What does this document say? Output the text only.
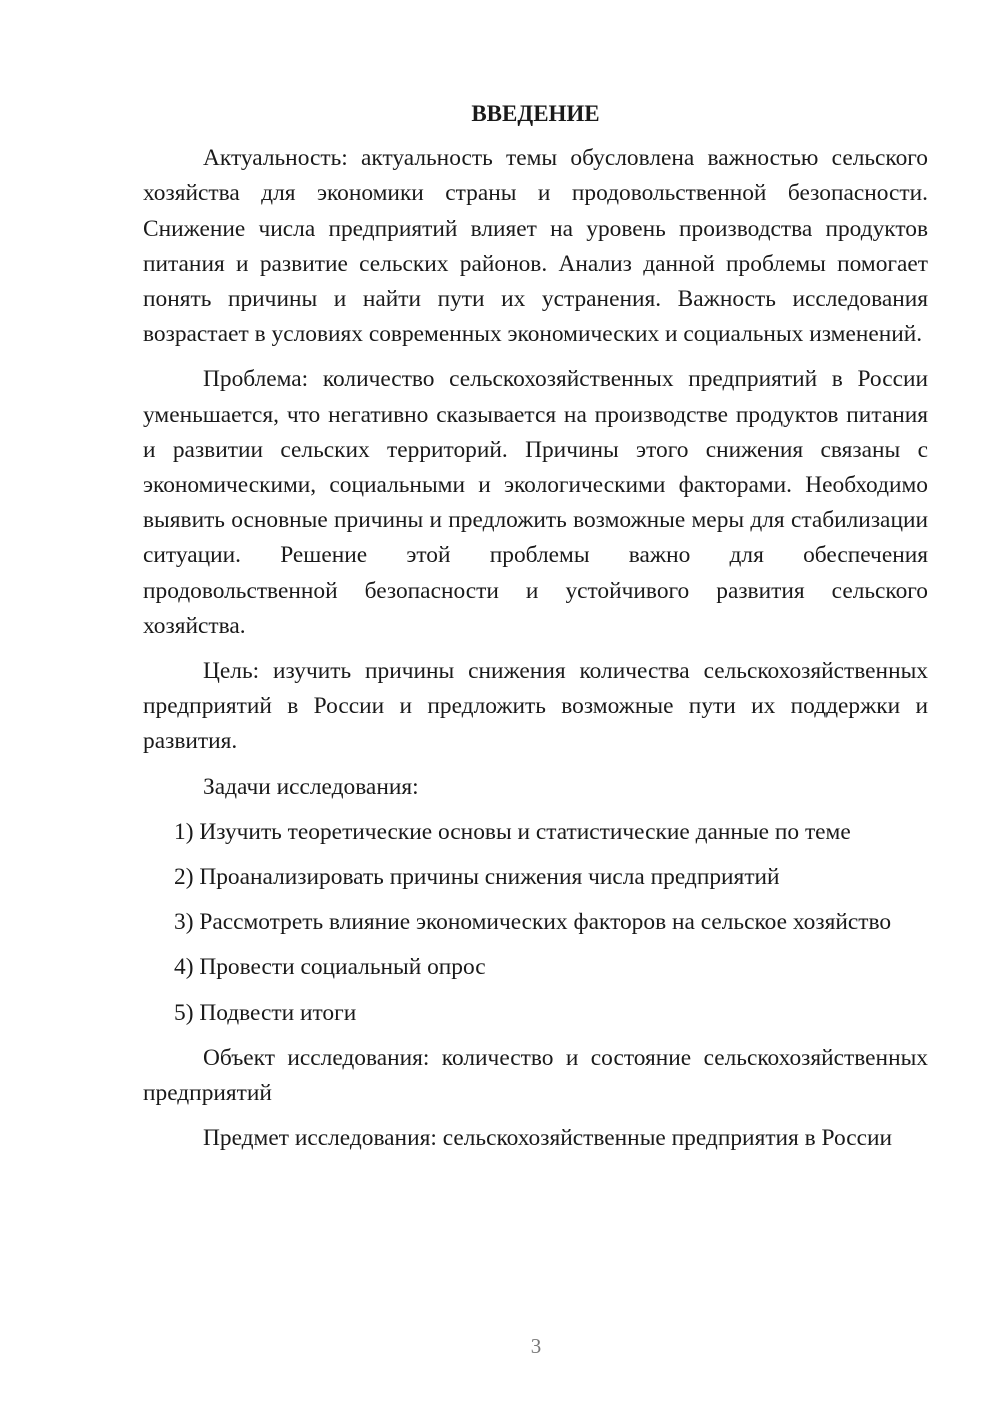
ВВЕДЕНИЕ

Актуальность: актуальность темы обусловлена важностью сельского хозяйства для экономики страны и продовольственной безопасности. Снижение числа предприятий влияет на уровень производства продуктов питания и развитие сельских районов. Анализ данной проблемы помогает понять причины и найти пути их устранения. Важность исследования возрастает в условиях современных экономических и социальных изменений.

Проблема: количество сельскохозяйственных предприятий в России уменьшается, что негативно сказывается на производстве продуктов питания и развитии сельских территорий. Причины этого снижения связаны с экономическими, социальными и экологическими факторами. Необходимо выявить основные причины и предложить возможные меры для стабилизации ситуации. Решение этой проблемы важно для обеспечения продовольственной безопасности и устойчивого развития сельского хозяйства.

Цель: изучить причины снижения количества сельскохозяйственных предприятий в России и предложить возможные пути их поддержки и развития.

Задачи исследования:

1) Изучить теоретические основы и статистические данные по теме

2) Проанализировать причины снижения числа предприятий

3) Рассмотреть влияние экономических факторов на сельское хозяйство

4) Провести социальный опрос

5) Подвести итоги

Объект исследования: количество и состояние сельскохозяйственных предприятий

Предмет исследования: сельскохозяйственные предприятия в России

3
